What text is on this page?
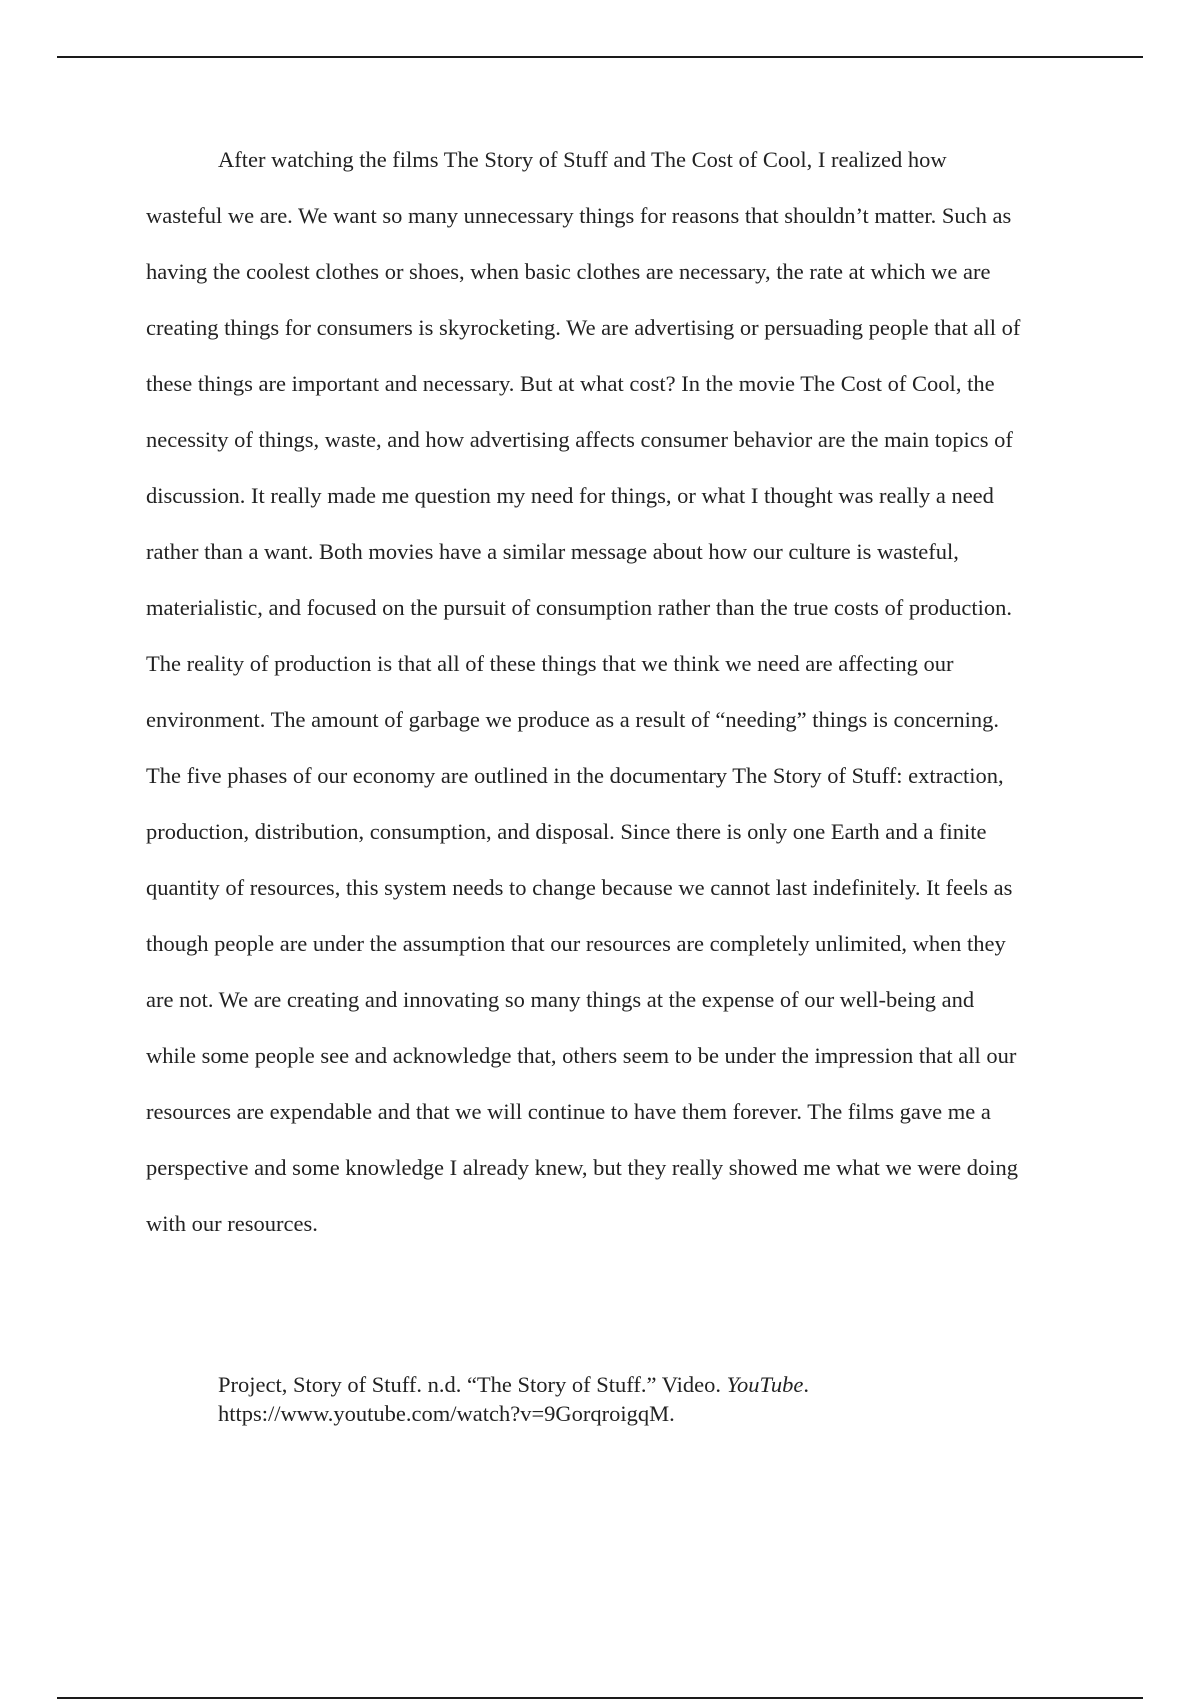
After watching the films The Story of Stuff and The Cost of Cool, I realized how
wasteful we are. We want so many unnecessary things for reasons that shouldn’t matter. Such as
having the coolest clothes or shoes, when basic clothes are necessary, the rate at which we are
creating things for consumers is skyrocketing. We are advertising or persuading people that all of
these things are important and necessary. But at what cost? In the movie The Cost of Cool, the
necessity of things, waste, and how advertising affects consumer behavior are the main topics of
discussion. It really made me question my need for things, or what I thought was really a need
rather than a want. Both movies have a similar message about how our culture is wasteful,
materialistic, and focused on the pursuit of consumption rather than the true costs of production.
The reality of production is that all of these things that we think we need are affecting our
environment. The amount of garbage we produce as a result of “needing” things is concerning.
The five phases of our economy are outlined in the documentary The Story of Stuff: extraction,
production, distribution, consumption, and disposal. Since there is only one Earth and a finite
quantity of resources, this system needs to change because we cannot last indefinitely. It feels as
though people are under the assumption that our resources are completely unlimited, when they
are not. We are creating and innovating so many things at the expense of our well-being and
while some people see and acknowledge that, others seem to be under the impression that all our
resources are expendable and that we will continue to have them forever. The films gave me a
perspective and some knowledge I already knew, but they really showed me what we were doing
with our resources.
Project, Story of Stuff. n.d. “The Story of Stuff.” Video. YouTube.
https://www.youtube.com/watch?v=9GorqroigqM.
